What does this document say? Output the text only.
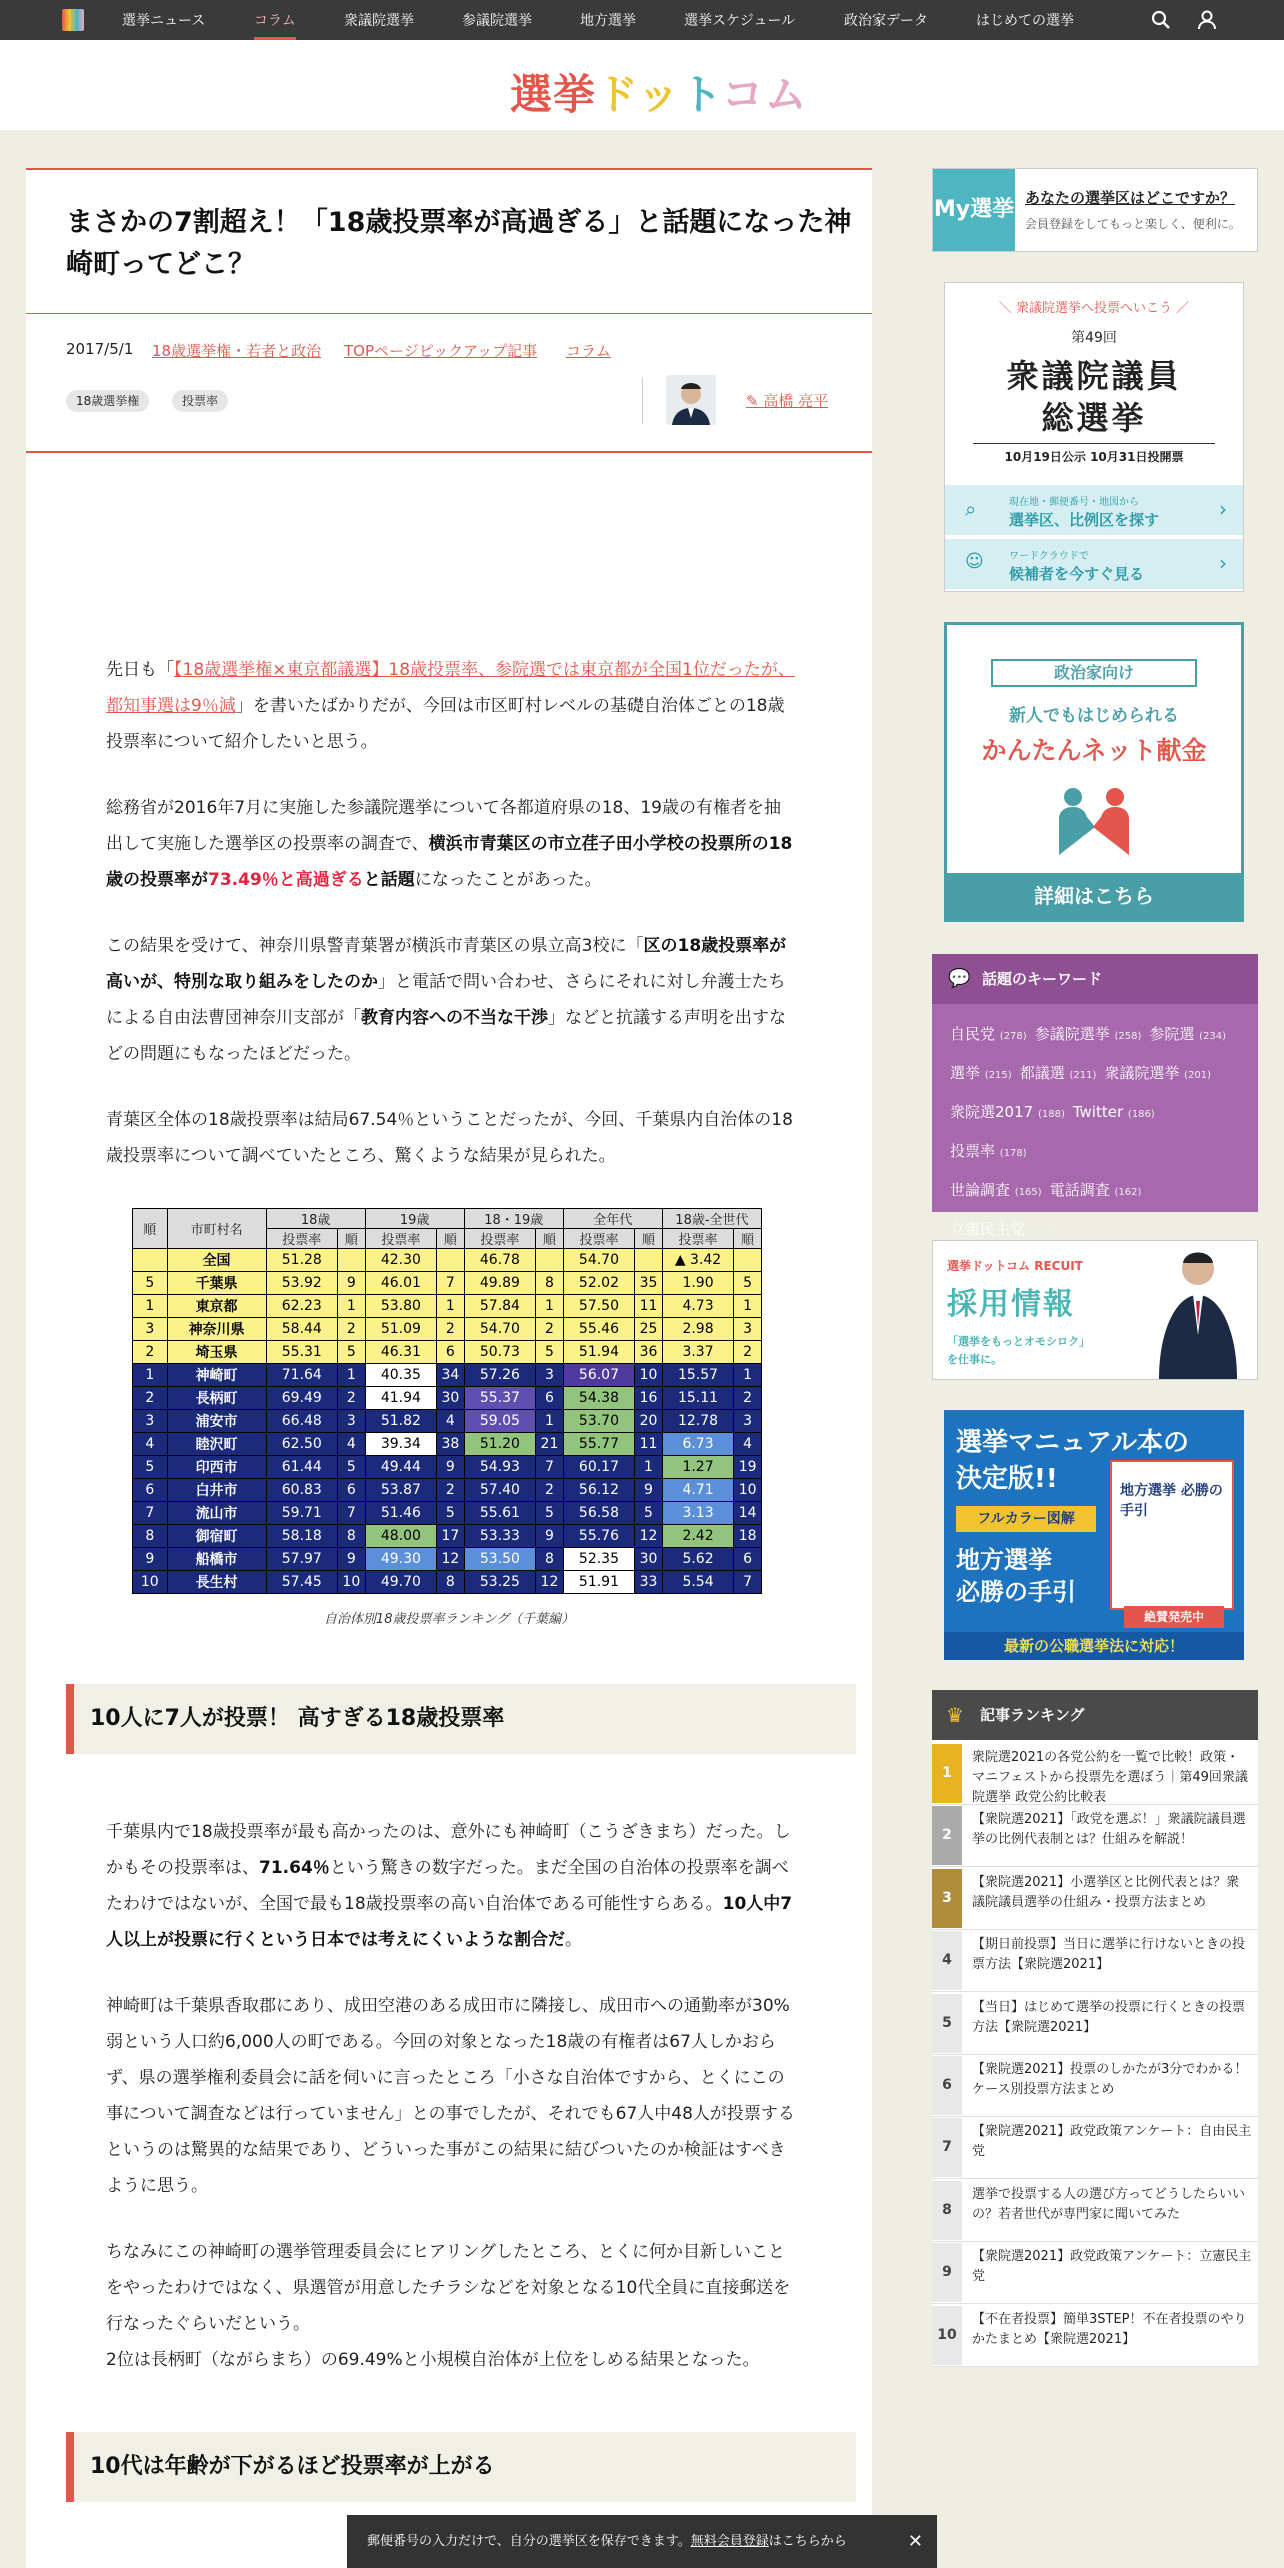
選挙ニュース	コラム	衆議院選挙	参議院選挙	地方選挙	選挙スケジュール	政治家データ	はじめての選挙
選挙ドットコム
まさかの7割超え！「18歳投票率が高過ぎる」と話題になった神崎町ってどこ？
2017/5/1 18歳選挙権・若者と政治 TOPページピックアップ記事 コラム
18歳選挙権	投票率	✎ 高橋 亮平

先日も「【18歳選挙権×東京都議選】18歳投票率、参院選では東京都が全国1位だったが、都知事選は9％減」を書いたばかりだが、今回は市区町村レベルの基礎自治体ごとの18歳投票率について紹介したいと思う。

総務省が2016年7月に実施した参議院選挙について各都道府県の18、19歳の有権者を抽出して実施した選挙区の投票率の調査で、横浜市青葉区の市立荏子田小学校の投票所の18歳の投票率が73.49％と高過ぎると話題になったことがあった。

この結果を受けて、神奈川県警青葉署が横浜市青葉区の県立高3校に「区の18歳投票率が高いが、特別な取り組みをしたのか」と電話で問い合わせ、さらにそれに対し弁護士たちによる自由法曹団神奈川支部が「教育内容への不当な干渉」などと抗議する声明を出すなどの問題にもなったほどだった。

青葉区全体の18歳投票率は結局67.54％ということだったが、今回、千葉県内自治体の18歳投票率について調べていたところ、驚くような結果が見られた。

順	市町村名	18歳		19歳		18・19歳		全年代		18歳-全世代	
		投票率	順	投票率	順	投票率	順	投票率	順	投票率	順
	全国	51.28		42.30		46.78		54.70		▲ 3.42	
5	千葉県	53.92	9	46.01	7	49.89	8	52.02	35	1.90	5
1	東京都	62.23	1	53.80	1	57.84	1	57.50	11	4.73	1
3	神奈川県	58.44	2	51.09	2	54.70	2	55.46	25	2.98	3
2	埼玉県	55.31	5	46.31	6	50.73	5	51.94	36	3.37	2
1	神崎町	71.64	1	40.35	34	57.26	3	56.07	10	15.57	1
2	長柄町	69.49	2	41.94	30	55.37	6	54.38	16	15.11	2
3	浦安市	66.48	3	51.82	4	59.05	1	53.70	20	12.78	3
4	睦沢町	62.50	4	39.34	38	51.20	21	55.77	11	6.73	4
5	印西市	61.44	5	49.44	9	54.93	7	60.17	1	1.27	19
6	白井市	60.83	6	53.87	2	57.40	2	56.12	9	4.71	10
7	流山市	59.71	7	51.46	5	55.61	5	56.58	5	3.13	14
8	御宿町	58.18	8	48.00	17	53.33	9	55.76	12	2.42	18
9	船橋市	57.97	9	49.30	12	53.50	8	52.35	30	5.62	6
10	長生村	57.45	10	49.70	8	53.25	12	51.91	33	5.54	7
自治体別18歳投票率ランキング（千葉編）
10人に7人が投票！ 高すぎる18歳投票率

千葉県内で18歳投票率が最も高かったのは、意外にも神崎町（こうざきまち）だった。しかもその投票率は、71.64％という驚きの数字だった。まだ全国の自治体の投票率を調べたわけではないが、全国で最も18歳投票率の高い自治体である可能性すらある。10人中7人以上が投票に行くという日本では考えにくいような割合だ。

神崎町は千葉県香取郡にあり、成田空港のある成田市に隣接し、成田市への通勤率が30%弱という人口約6,000人の町である。今回の対象となった18歳の有権者は67人しかおらず、県の選挙権利委員会に話を伺いに言ったところ「小さな自治体ですから、とくにこの事について調査などは行っていません」との事でしたが、それでも67人中48人が投票するというのは驚異的な結果であり、どういった事がこの結果に結びついたのか検証はすべきように思う。

ちなみにこの神崎町の選挙管理委員会にヒアリングしたところ、とくに何か目新しいことをやったわけではなく、県選管が用意したチラシなどを対象となる10代全員に直接郵送を行なったぐらいだという。
2位は長柄町（ながらまち）の69.49%と小規模自治体が上位をしめる結果となった。

10代は年齢が下がるほど投票率が上がる
My選挙 あなたの選挙区はどこですか？
会員登録をしてもっと楽しく、便利に。
＼ 衆議院選挙へ投票へいこう ／
第49回
衆議院議員
総選挙
10月19日公示 10月31日投開票
⌕	現在地・郵便番号・地図から
選挙区、比例区を探す	›
☺	ワードクラウドで
候補者を今すぐ見る	›
政治家向け
新人でもはじめられる
かんたんネット献金
詳細はこちら
💬 話題のキーワード
自民党 (278) 参議院選挙 (258) 参院選 (234)
選挙 (215) 都議選 (211) 衆議院選挙 (201)
衆院選2017 (188) Twitter (186)投票率 (178)
世論調査 (165) 電話調査 (162)
立憲民主党 (155)
選挙ドットコム RECUIT
採用情報
「選挙をもっとオモシロク」
を仕事に。
選挙マニュアル本の
決定版!!
フルカラー図解
地方選挙
必勝の手引
地方選挙 必勝の手引
絶賛発売中
最新の公職選挙法に対応！
♛ 記事ランキング
1
衆院選2021の各党公約を一覧で比較！政策・マニフェストから投票先を選ぼう｜第49回衆議院選挙 政党公約比較表
2
【衆院選2021】「政党を選ぶ！」衆議院議員選挙の比例代表制とは？仕組みを解説！
3
【衆院選2021】小選挙区と比例代表とは？衆議院議員選挙の仕組み・投票方法まとめ
4
【期日前投票】当日に選挙に行けないときの投票方法【衆院選2021】
5
【当日】はじめて選挙の投票に行くときの投票方法【衆院選2021】
6
【衆院選2021】投票のしかたが3分でわかる！ケース別投票方法まとめ
7
【衆院選2021】政党政策アンケート：自由民主党
8
選挙で投票する人の選び方ってどうしたらいいの？若者世代が専門家に聞いてみた
9
【衆院選2021】政党政策アンケート：立憲民主党
10
【不在者投票】簡単3STEP！不在者投票のやりかたまとめ【衆院選2021】
郵便番号の入力だけで、自分の選挙区を保存できます。無料会員登録はこちらから	✕
